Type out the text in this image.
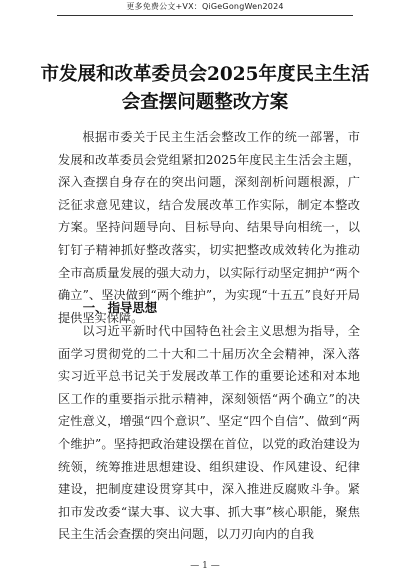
更多免费公文+VX：QiGeGongWen2024
市发展和改革委员会2025年度民主生活
会查摆问题整改方案

根据市委关于民主生活会整改工作的统一部署，市发展和改革委员会党组紧扣2025年度民主生活会主题，深入查摆自身存在的突出问题，深刻剖析问题根源，广泛征求意见建议，结合发展改革工作实际，制定本整改方案。坚持问题导向、目标导向、结果导向相统一，以钉钉子精神抓好整改落实，切实把整改成效转化为推动全市高质量发展的强大动力，以实际行动坚定拥护“两个确立”、坚决做到“两个维护”，为实现“十五五”良好开局提供坚实保障。

一、指导思想

以习近平新时代中国特色社会主义思想为指导，全面学习贯彻党的二十大和二十届历次全会精神，深入落实习近平总书记关于发展改革工作的重要论述和对本地区工作的重要指示批示精神，深刻领悟“两个确立”的决定性意义，增强“四个意识”、坚定“四个自信”、做到“两个维护”。坚持把政治建设摆在首位，以党的政治建设为统领，统筹推进思想建设、组织建设、作风建设、纪律建设，把制度建设贯穿其中，深入推进反腐败斗争。紧扣市发改委“谋大事、议大事、抓大事”核心职能，聚焦民主生活会查摆的突出问题，以刀刃向内的自我

— 1 —
